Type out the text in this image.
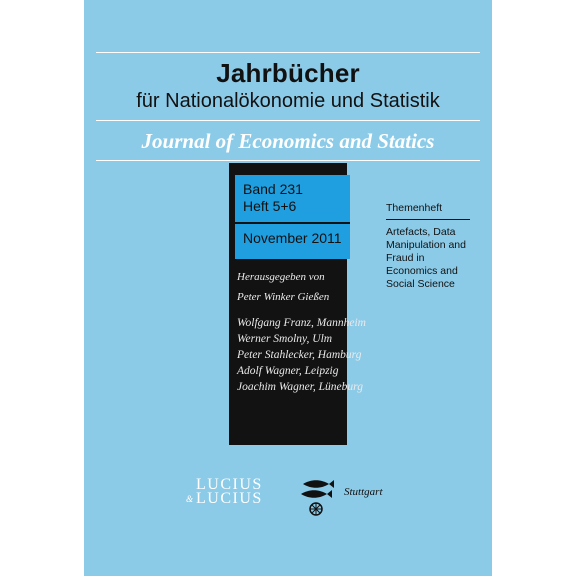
Jahrbücher
für Nationalökonomie und Statistik
Journal of Economics and Statics
Band 231
Heft 5+6
November 2011
Herausgegeben von
Peter Winker Gießen
Wolfgang Franz, Mannheim
Werner Smolny, Ulm
Peter Stahlecker, Hamburg
Adolf Wagner, Leipzig
Joachim Wagner, Lüneburg
Themenheft
Artefacts, Data
Manipulation and
Fraud in
Economics and
Social Science
LUCIUS
& LUCIUS	Stuttgart
